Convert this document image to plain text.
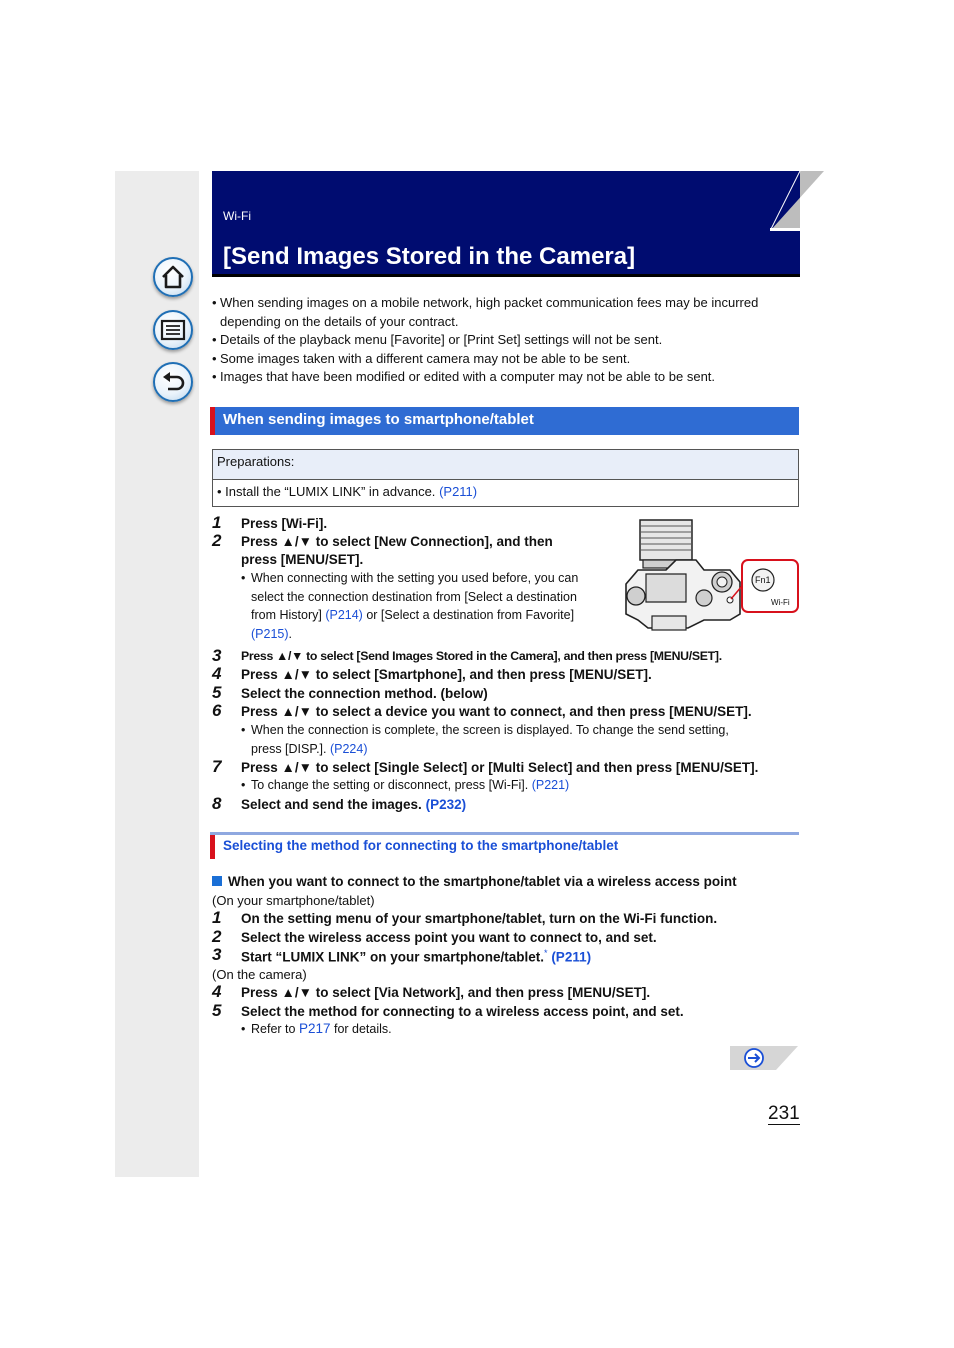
Wi-Fi
[Send Images Stored in the Camera]
• When sending images on a mobile network, high packet communication fees may be incurred
depending on the details of your contract.
• Details of the playback menu [Favorite] or [Print Set] settings will not be sent.
• Some images taken with a different camera may not be able to be sent.
• Images that have been modified or edited with a computer may not be able to be sent.
When sending images to smartphone/tablet
Preparations:
• Install the “LUMIX LINK” in advance. (P211)
Fn1
Wi-Fi
1 Press [Wi-Fi].
2 Press ▲/▼ to select [New Connection], and then
press [MENU/SET].
• When connecting with the setting you used before, you can
select the connection destination from [Select a destination
from History] (P214) or [Select a destination from Favorite]
(P215).
3 Press ▲/▼ to select [Send Images Stored in the Camera], and then press [MENU/SET].
4 Press ▲/▼ to select [Smartphone], and then press [MENU/SET].
5 Select the connection method. (below)
6 Press ▲/▼ to select a device you want to connect, and then press [MENU/SET].
• When the connection is complete, the screen is displayed. To change the send setting,
press [DISP.]. (P224)
7 Press ▲/▼ to select [Single Select] or [Multi Select] and then press [MENU/SET].
• To change the setting or disconnect, press [Wi-Fi]. (P221)
8 Select and send the images. (P232)
Selecting the method for connecting to the smartphone/tablet
When you want to connect to the smartphone/tablet via a wireless access point
(On your smartphone/tablet)
1 On the setting menu of your smartphone/tablet, turn on the Wi-Fi function.
2 Select the wireless access point you want to connect to, and set.
3 Start “LUMIX LINK” on your smartphone/tablet.* (P211)
(On the camera)
4 Press ▲/▼ to select [Via Network], and then press [MENU/SET].
5 Select the method for connecting to a wireless access point, and set.
• Refer to P217 for details.
231
